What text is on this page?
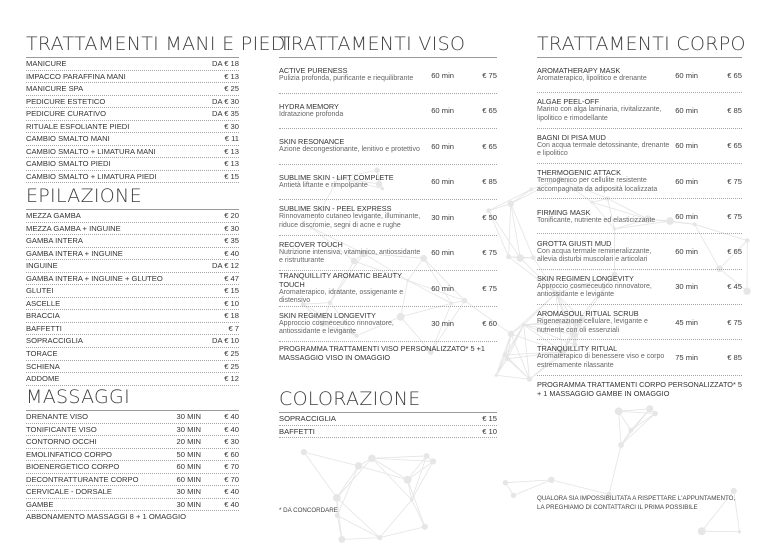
TRATTAMENTI MANI E PIEDI
MANICURE	DA € 18
IMPACCO PARAFFINA MANI	€ 13
MANICURE SPA	€ 25
PEDICURE ESTETICO	DA € 30
PEDICURE CURATIVO	DA € 35
RITUALE ESFOLIANTE PIEDI	€ 30
CAMBIO SMALTO MANI	€ 11
CAMBIO SMALTO + LIMATURA MANI	€ 13
CAMBIO SMALTO PIEDI	€ 13
CAMBIO SMALTO + LIMATURA PIEDI	€ 15
EPILAZIONE
MEZZA GAMBA	€ 20
MEZZA GAMBA + INGUINE	€ 30
GAMBA INTERA	€ 35
GAMBA INTERA + INGUINE	€ 40
INGUINE	DA € 12
GAMBA INTERA + INGUINE + GLUTEO	€ 47
GLUTEI	€ 15
ASCELLE	€ 10
BRACCIA	€ 18
BAFFETTI	€ 7
SOPRACCIGLIA	DA € 10
TORACE	€ 25
SCHIENA	€ 25
ADDOME	€ 12
MASSAGGI
DRENANTE VISO	30 MIN	€ 40
TONIFICANTE VISO	30 MIN	€ 40
CONTORNO OCCHI	20 MIN	€ 30
EMOLINFATICO CORPO	50 MIN	€ 60
BIOENERGETICO CORPO	60 MIN	€ 70
DECONTRATTURANTE CORPO	60 MIN	€ 70
CERVICALE - DORSALE	30 MIN	€ 40
GAMBE	30 MIN	€ 40
ABBONAMENTO MASSAGGI 8 + 1 OMAGGIO
TRATTAMENTI VISO
ACTIVE PURENESS
Pulizia profonda, purificante e riequilibrante	60 min	€ 75
HYDRA MEMORY
Idratazione profonda	60 min	€ 65
SKIN RESONANCE
Azione decongestionante, lenitivo e protettivo	60 min	€ 65
SUBLIME SKIN - LIFT COMPLETE
Antietà liftante e rimpolpante	60 min	€ 85
SUBLIME SKIN - PEEL EXPRESS
Rinnovamento cutaneo levigante, illuminante, riduce discromie, segni di acne e rughe
30 min	€ 50
RECOVER TOUCH
Nutrizione intensiva, vitaminico, antiossidante e ristrutturante
60 min	€ 75
TRANQUILLITY AROMATIC BEAUTY TOUCH
Aromaterapico, idratante, ossigenante e distensivo
60 min	€ 75
SKIN REGIMEN LONGEVITY
Approccio cosmeceutico rinnovatore, antiossidante e levigante
30 min	€ 60
PROGRAMMA TRATTAMENTI VISO PERSONALIZZATO* 5 +1 MASSAGGIO VISO IN OMAGGIO
COLORAZIONE
SOPRACCIGLIA	€ 15
BAFFETTI	€ 10
* DA CONCORDARE
TRATTAMENTI CORPO
AROMATHERAPY MASK
Aromaterapico, lipolitico e drenante	60 min	€ 65
ALGAE PEEL-OFF
Marino con alga laminaria, rivitalizzante, lipolitico e rimodellante
60 min	€ 85
BAGNI DI PISA MUD
Con acqua termale detossinante, drenante e lipolitico
60 min	€ 65
THERMOGENIC ATTACK
Termogenico per cellulite resistente accompagnata da adiposità localizzata
60 min	€ 75
FIRMING MASK
Tonificante, nutriente ed elasticizzante	60 min	€ 75
GROTTA GIUSTI MUD
Con acqua termale remineralizzante, allevia disturbi muscolari e articolari
60 min	€ 65
SKIN REGIMEN LONGEVITY
Approccio cosmeceutico rinnovatore, antiossidante e levigante
30 min	€ 45
AROMASOUL RITUAL SCRUB
Rigenerazione cellulare, levigante e nutriente con oli essenziali
45 min	€ 75
TRANQUILLITY RITUAL
Aromaterapico di benessere viso e corpo estremamente rilassante
75 min	€ 85
PROGRAMMA TRATTAMENTI CORPO PERSONALIZZATO* 5 + 1 MASSAGGIO GAMBE IN OMAGGIO
QUALORA SIA IMPOSSIBILITATA A RISPETTARE L'APPUNTAMENTO, LA PREGHIAMO DI CONTATTARCI IL PRIMA POSSIBILE
